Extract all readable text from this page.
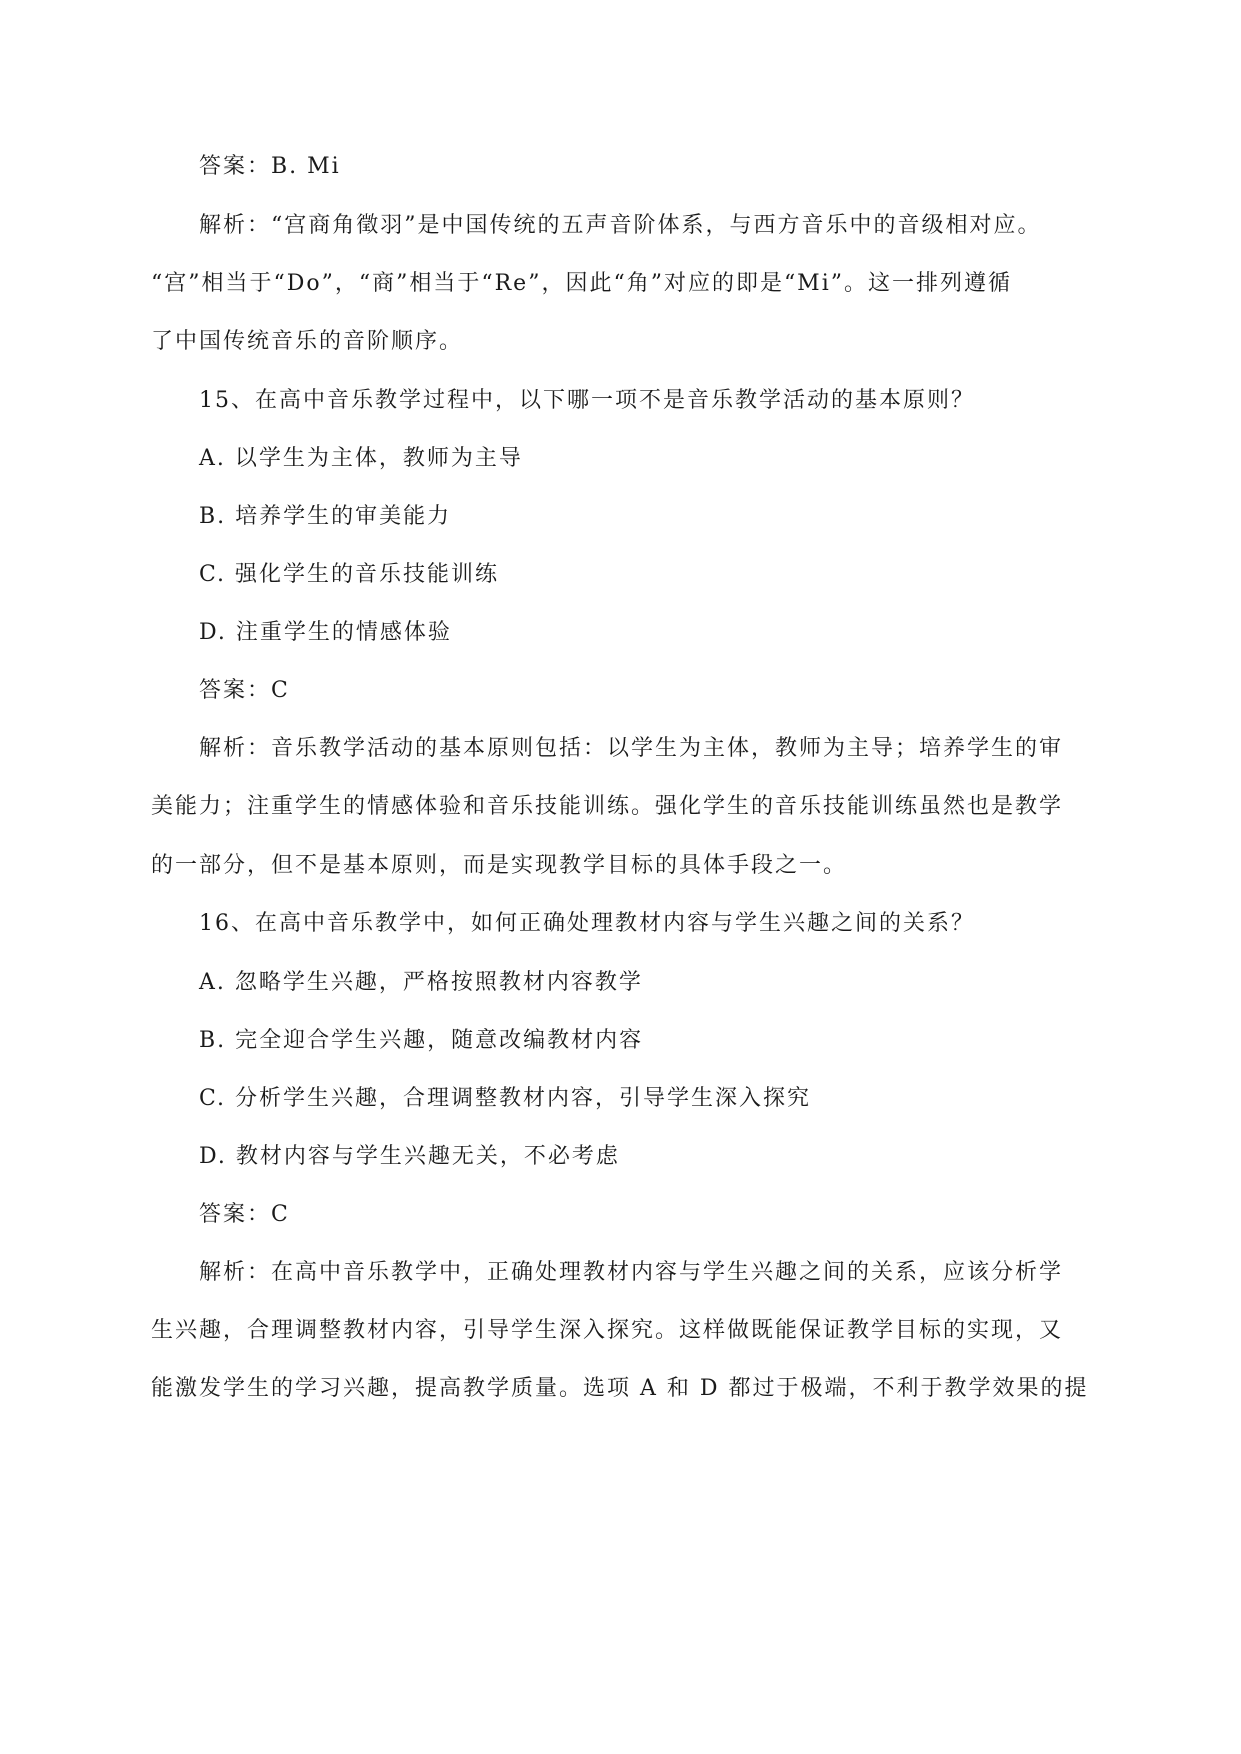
答案：B. Mi
解析：“宫商角徵羽”是中国传统的五声音阶体系，与西方音乐中的音级相对应。
“宫”相当于“Do”，“商”相当于“Re”，因此“角”对应的即是“Mi”。这一排列遵循
了中国传统音乐的音阶顺序。
15、在高中音乐教学过程中，以下哪一项不是音乐教学活动的基本原则？
A. 以学生为主体，教师为主导
B. 培养学生的审美能力
C. 强化学生的音乐技能训练
D. 注重学生的情感体验
答案：C
解析：音乐教学活动的基本原则包括：以学生为主体，教师为主导；培养学生的审
美能力；注重学生的情感体验和音乐技能训练。强化学生的音乐技能训练虽然也是教学
的一部分，但不是基本原则，而是实现教学目标的具体手段之一。
16、在高中音乐教学中，如何正确处理教材内容与学生兴趣之间的关系？
A. 忽略学生兴趣，严格按照教材内容教学
B. 完全迎合学生兴趣，随意改编教材内容
C. 分析学生兴趣，合理调整教材内容，引导学生深入探究
D. 教材内容与学生兴趣无关，不必考虑
答案：C
解析：在高中音乐教学中，正确处理教材内容与学生兴趣之间的关系，应该分析学
生兴趣，合理调整教材内容，引导学生深入探究。这样做既能保证教学目标的实现，又
能激发学生的学习兴趣，提高教学质量。选项 A 和 D 都过于极端，不利于教学效果的提
